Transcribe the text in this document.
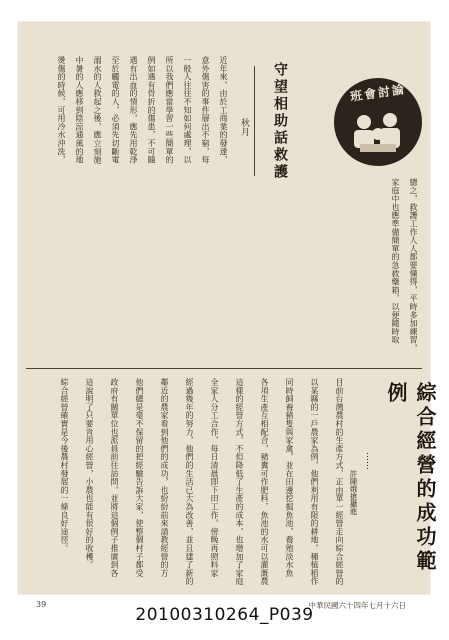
守望相助話救護
秋月
班會討論
近年來，由於工商業的發達，
意外傷害的事件層出不窮，每
一般人往往不知如何處理，以
所以我們應當學習一些簡單的
例如遇有骨折的傷患，不可隨
遇有出血的情形，應先用乾淨
至於觸電的人，必須先切斷電
溺水的人救起之後，應立刻施
中暑的人應移到陰涼通風的地
燙傷的時候，可用冷水沖洗，
總之，救護工作人人都要懂得，平時多加練習，
家庭中也應準備簡單的急救藥箱，以便隨時取
綜合經營的成功範例
⋯⋯
許陳娥搶攝進
目前台灣農村的生產方式，正由單一經營走向綜合經營的
以某縣的一戶農家為例，他們利用有限的耕地，種植稻作
同時飼養豬隻與家禽，並在田邊挖掘魚池，養殖淡水魚
各項生產互相配合，豬糞可作肥料，魚池的水可以灌溉農
這樣的經營方式，不但降低了生產的成本，也增加了家庭
全家人分工合作，每日清晨即下田工作，傍晚再照料家
經過幾年的努力，他們的生活已大為改善，並且建了新的
鄰近的農家看到他們的成功，也紛紛前來請教經營的方
他們總是毫不保留的把經驗告訴大家，使整個村子都受
政府有關單位也派員前往訪問，並將這個例子推廣到各
這說明了只要肯用心經營，小農也能有很好的收穫。
綜合經營確實是今後農村發展的一條良好途徑。
39	中華民國六十四年七月十六日
20100310264_P039
